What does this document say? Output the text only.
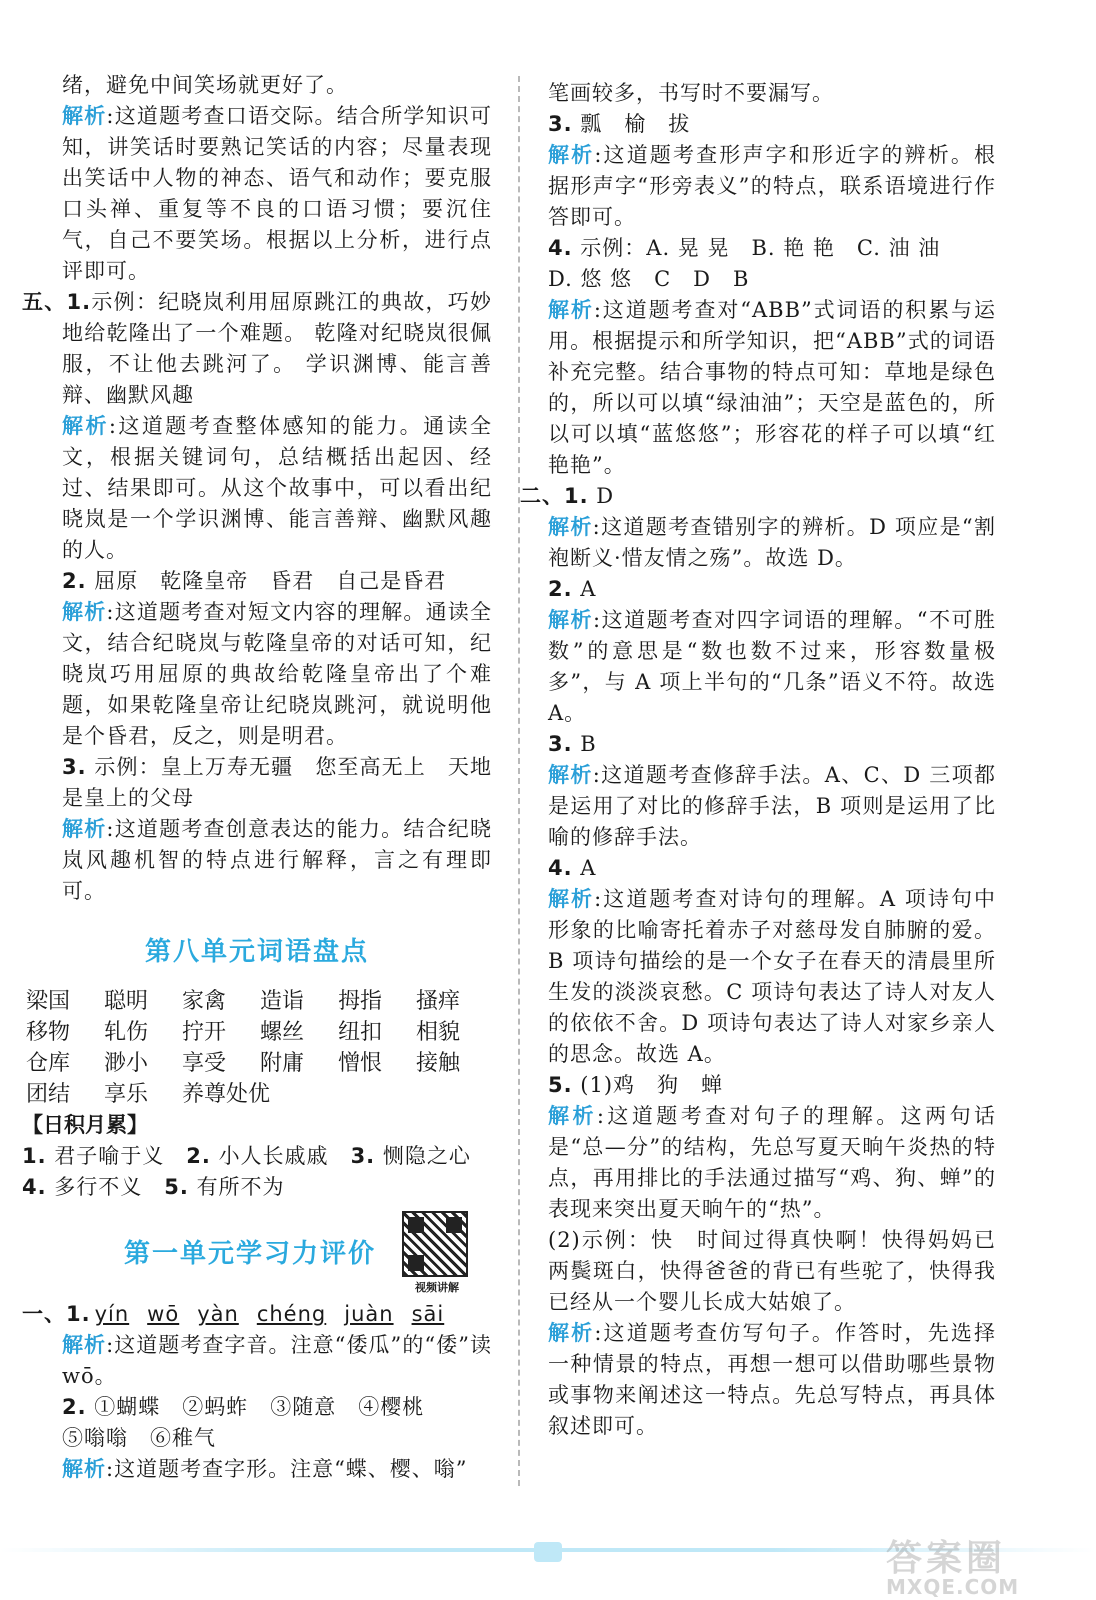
绪，避免中间笑场就更好了。

解析:这道题考查口语交际。结合所学知识可知，讲笑话时要熟记笑话的内容；尽量表现出笑话中人物的神态、语气和动作；要克服口头禅、重复等不良的口语习惯；要沉住气，自己不要笑场。根据以上分析，进行点评即可。

五、1.示例：纪晓岚利用屈原跳江的典故，巧妙地给乾隆出了一个难题。 乾隆对纪晓岚很佩服，不让他去跳河了。 学识渊博、能言善辩、幽默风趣

解析:这道题考查整体感知的能力。通读全文，根据关键词句，总结概括出起因、经过、结果即可。从这个故事中，可以看出纪晓岚是一个学识渊博、能言善辩、幽默风趣的人。

2. 屈原　乾隆皇帝　昏君　自己是昏君

解析:这道题考查对短文内容的理解。通读全文，结合纪晓岚与乾隆皇帝的对话可知，纪晓岚巧用屈原的典故给乾隆皇帝出了个难题，如果乾隆皇帝让纪晓岚跳河，就说明他是个昏君，反之，则是明君。

3. 示例：皇上万寿无疆　您至高无上　天地是皇上的父母

解析:这道题考查创意表达的能力。结合纪晓岚风趣机智的特点进行解释，言之有理即可。

第八单元词语盘点
梁国	聪明	家禽	造诣	拇指	搔痒
移物	轧伤	拧开	螺丝	纽扣	相貌
仓库	渺小	享受	附庸	憎恨	接触
团结	享乐	养尊处优
【日积月累】

1. 君子喻于义　 2. 小人长戚戚　 3. 恻隐之心

4. 多行不义　 5. 有所不为

第一单元学习力评价
视频讲解

一、1. yín wō yàn chéng juàn sāi

解析:这道题考查字音。注意“倭瓜”的“倭”读 wō。

2. ①蝴蝶　②蚂蚱　③随意　④樱桃

⑤嗡嗡　⑥稚气

解析:这道题考查字形。注意“蝶、樱、嗡”

笔画较多，书写时不要漏写。

3. 瓢　榆　拔

解析:这道题考查形声字和形近字的辨析。根据形声字“形旁表义”的特点，联系语境进行作答即可。

4. 示例：A. 晃 晃　B. 艳 艳　C. 油 油

D. 悠 悠　C　D　B

解析:这道题考查对“ABB”式词语的积累与运用。根据提示和所学知识，把“ABB”式的词语补充完整。结合事物的特点可知：草地是绿色的，所以可以填“绿油油”；天空是蓝色的，所以可以填“蓝悠悠”；形容花的样子可以填“红艳艳”。

二、1. D

解析:这道题考查错别字的辨析。D 项应是“割袍断义·惜友情之殇”。故选 D。

2. A

解析:这道题考查对四字词语的理解。“不可胜数”的意思是“数也数不过来，形容数量极多”，与 A 项上半句的“几条”语义不符。故选 A。

3. B

解析:这道题考查修辞手法。A、C、D 三项都是运用了对比的修辞手法，B 项则是运用了比喻的修辞手法。

4. A

解析:这道题考查对诗句的理解。A 项诗句中形象的比喻寄托着赤子对慈母发自肺腑的爱。B 项诗句描绘的是一个女子在春天的清晨里所生发的淡淡哀愁。C 项诗句表达了诗人对友人的依依不舍。D 项诗句表达了诗人对家乡亲人的思念。故选 A。

5. (1)鸡　狗　蝉

解析:这道题考查对句子的理解。这两句话是“总—分”的结构，先总写夏天晌午炎热的特点，再用排比的手法通过描写“鸡、狗、蝉”的表现来突出夏天晌午的“热”。

(2)示例：快　时间过得真快啊！快得妈妈已两鬓斑白，快得爸爸的背已有些驼了，快得我已经从一个婴儿长成大姑娘了。

解析:这道题考查仿写句子。作答时，先选择一种情景的特点，再想一想可以借助哪些景物或事物来阐述这一特点。先总写特点，再具体叙述即可。

答案圈
MXQE.COM
